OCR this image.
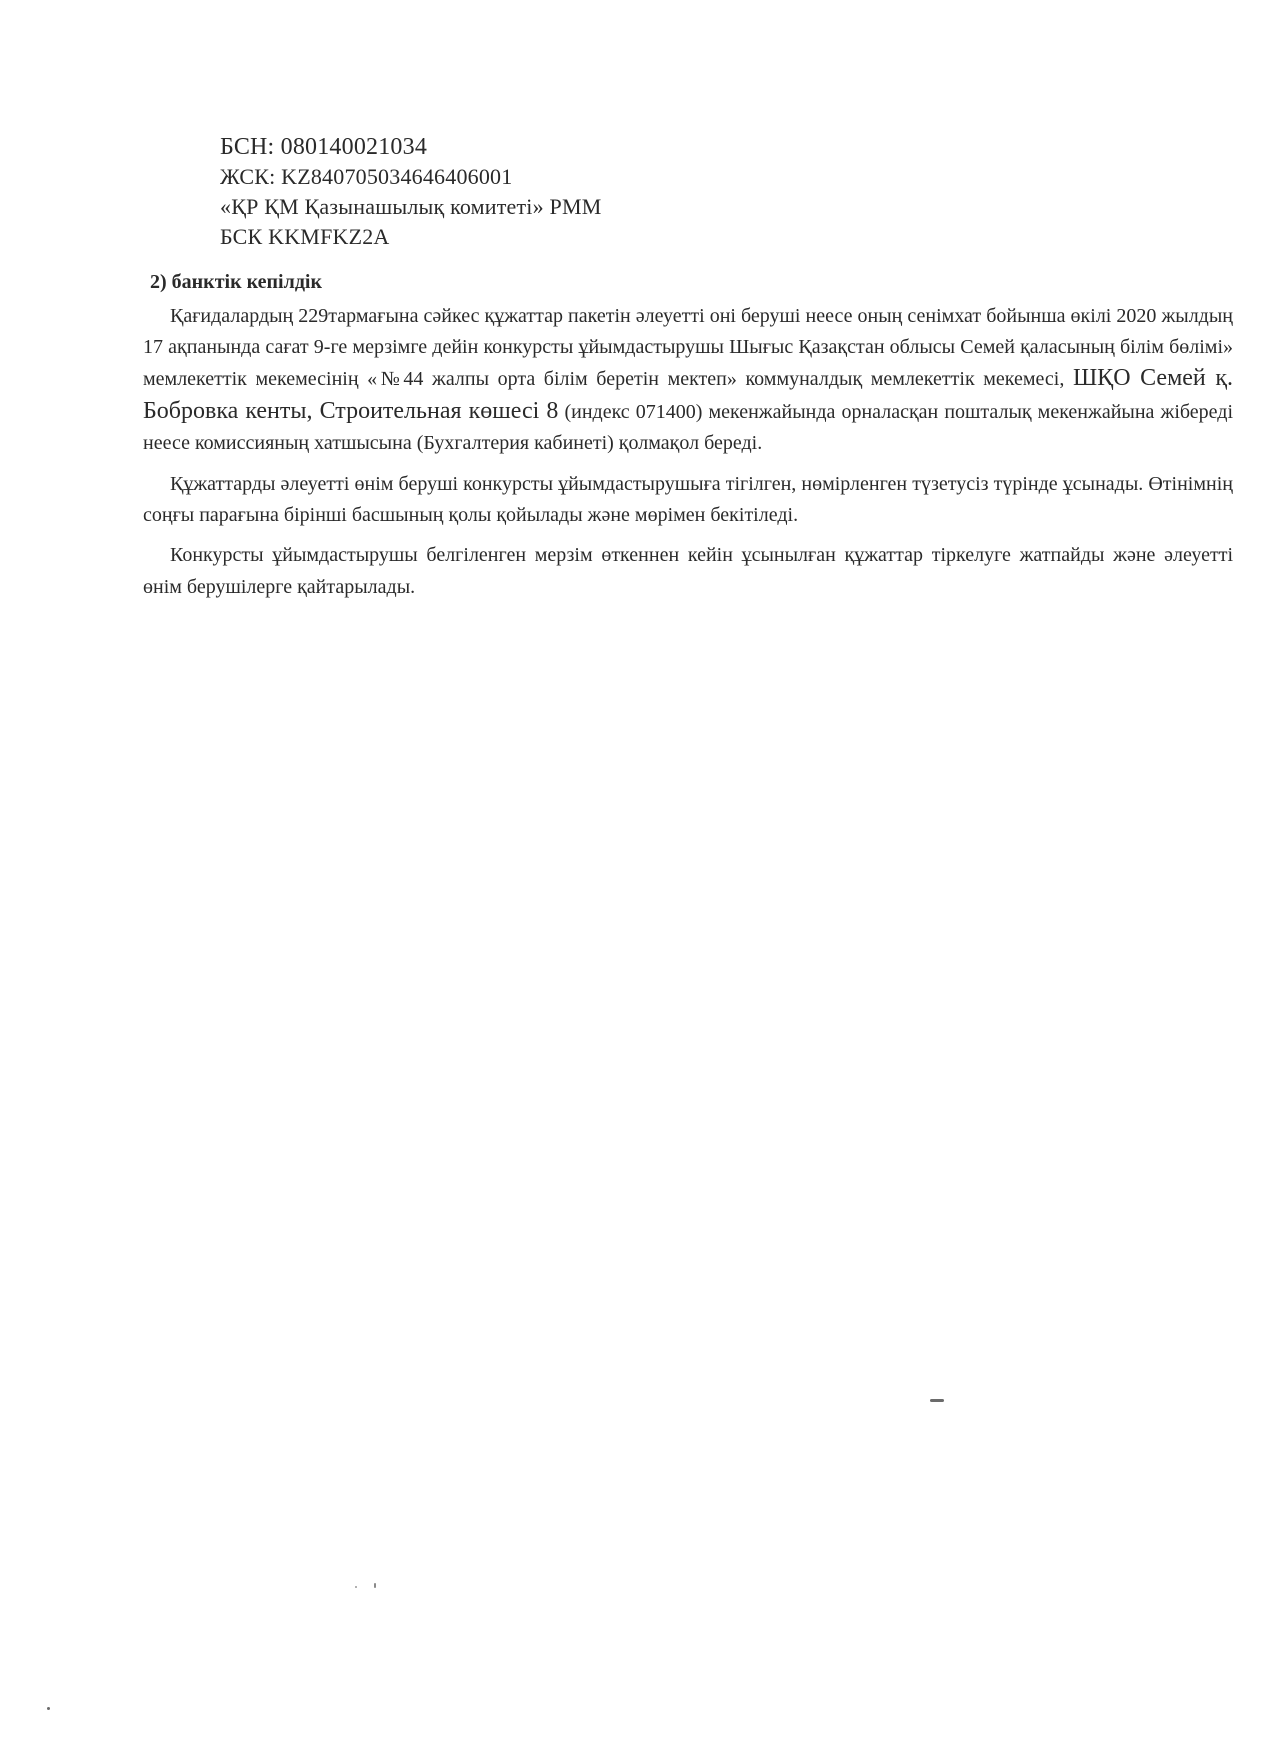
БСН: 080140021034
ЖСК: KZ840705034646406001
«ҚР ҚМ Қазынашылық комитеті» РММ
БСК KKMFKZ2A
2) банктік кепілдік

Қағидалардың 229тармағына сәйкес құжаттар пакетін әлеуетті оні беруші неесе оның сенімхат бойынша өкілі 2020 жылдың 17 ақпанында сағат 9-ге мерзімге дейін конкурсты ұйымдастырушы Шығыс Қазақстан облысы Семей қаласының білім бөлімі» мемлекеттік мекемесінің «№44 жалпы орта білім беретін мектеп» коммуналдық мемлекеттік мекемесі, ШҚО Семей қ. Бобровка кенты, Строительная көшесі 8 (индекс 071400) мекенжайында орналасқан пошталық мекенжайына жібереді неесе комиссияның хатшысына (Бухгалтерия кабинеті) қолмақол береді.

Құжаттарды әлеуетті өнім беруші конкурсты ұйымдастырушыға тігілген, нөмірленген түзетусіз түрінде ұсынады. Өтінімнің соңғы парағына бірінші басшының қолы қойылады және мөрімен бекітіледі.

Конкурсты ұйымдастырушы белгіленген мерзім өткеннен кейін ұсынылған құжаттар тіркелуге жатпайды және әлеуетті өнім берушілерге қайтарылады.
